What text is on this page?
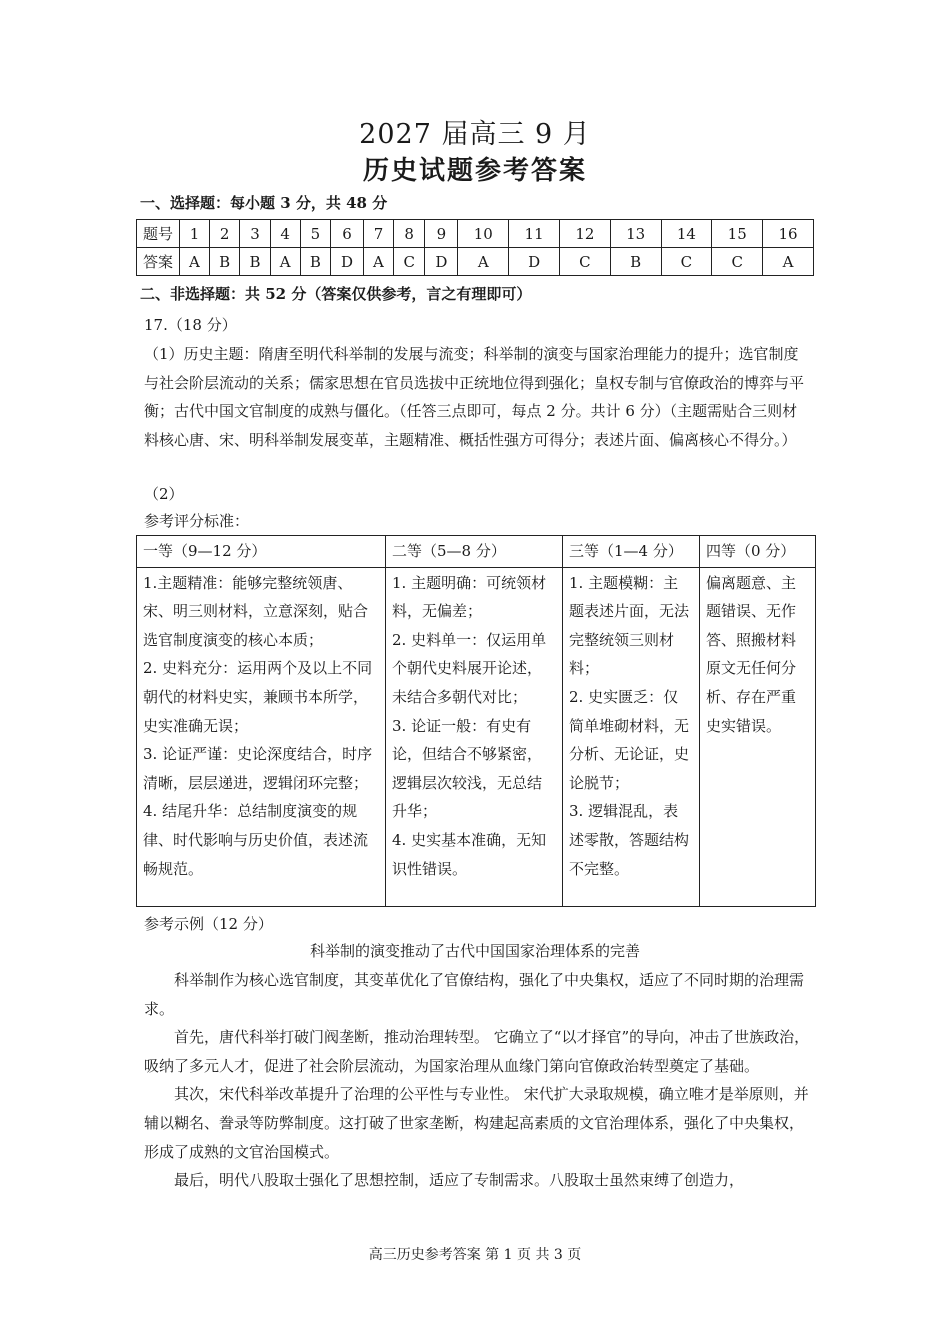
2027 届高三 9 月
历史试题参考答案
一、选择题：每小题 3 分，共 48 分
题号	1	2	3	4	5	6	7	8	9	10	11	12	13	14	15	16
答案	A	B	B	A	B	D	A	C	D	A	D	C	B	C	C	A
二、非选择题：共 52 分（答案仅供参考，言之有理即可）
17.（18 分）
（1）历史主题：隋唐至明代科举制的发展与流变；科举制的演变与国家治理能力的提升；选官制度与社会阶层流动的关系；儒家思想在官员选拔中正统地位得到强化；皇权专制与官僚政治的博弈与平衡；古代中国文官制度的成熟与僵化。（任答三点即可，每点 2 分。共计 6 分）（主题需贴合三则材料核心唐、宋、明科举制发展变革，主题精准、概括性强方可得分；表述片面、偏离核心不得分。）
（2）
参考评分标准：
一等（9—12 分）	二等（5—8 分）	三等（1—4 分）	四等（0 分）
1.主题精准：能够完整统领唐、宋、明三则材料，立意深刻，贴合选官制度演变的核心本质；
2. 史料充分：运用两个及以上不同朝代的材料史实，兼顾书本所学，史实准确无误；
3. 论证严谨：史论深度结合，时序清晰，层层递进，逻辑闭环完整；
4. 结尾升华：总结制度演变的规律、时代影响与历史价值，表述流畅规范。	1. 主题明确：可统领材料，无偏差；
2. 史料单一：仅运用单个朝代史料展开论述，未结合多朝代对比；
3. 论证一般：有史有论，但结合不够紧密，逻辑层次较浅，无总结升华；
4. 史实基本准确，无知识性错误。	1. 主题模糊：主题表述片面，无法完整统领三则材料；
2. 史实匮乏：仅简单堆砌材料，无分析、无论证，史论脱节；
3. 逻辑混乱，表述零散，答题结构不完整。	偏离题意、主题错误、无作答、照搬材料原文无任何分析、存在严重史实错误。
参考示例（12 分）
科举制的演变推动了古代中国国家治理体系的完善

科举制作为核心选官制度，其变革优化了官僚结构，强化了中央集权，适应了不同时期的治理需求。

首先，唐代科举打破门阀垄断，推动治理转型。 它确立了“以才择官”的导向，冲击了世族政治，吸纳了多元人才，促进了社会阶层流动，为国家治理从血缘门第向官僚政治转型奠定了基础。

其次，宋代科举改革提升了治理的公平性与专业性。 宋代扩大录取规模，确立唯才是举原则，并辅以糊名、誊录等防弊制度。这打破了世家垄断，构建起高素质的文官治理体系，强化了中央集权，形成了成熟的文官治国模式。

最后，明代八股取士强化了思想控制，适应了专制需求。八股取士虽然束缚了创造力，

高三历史参考答案 第 1 页 共 3 页
